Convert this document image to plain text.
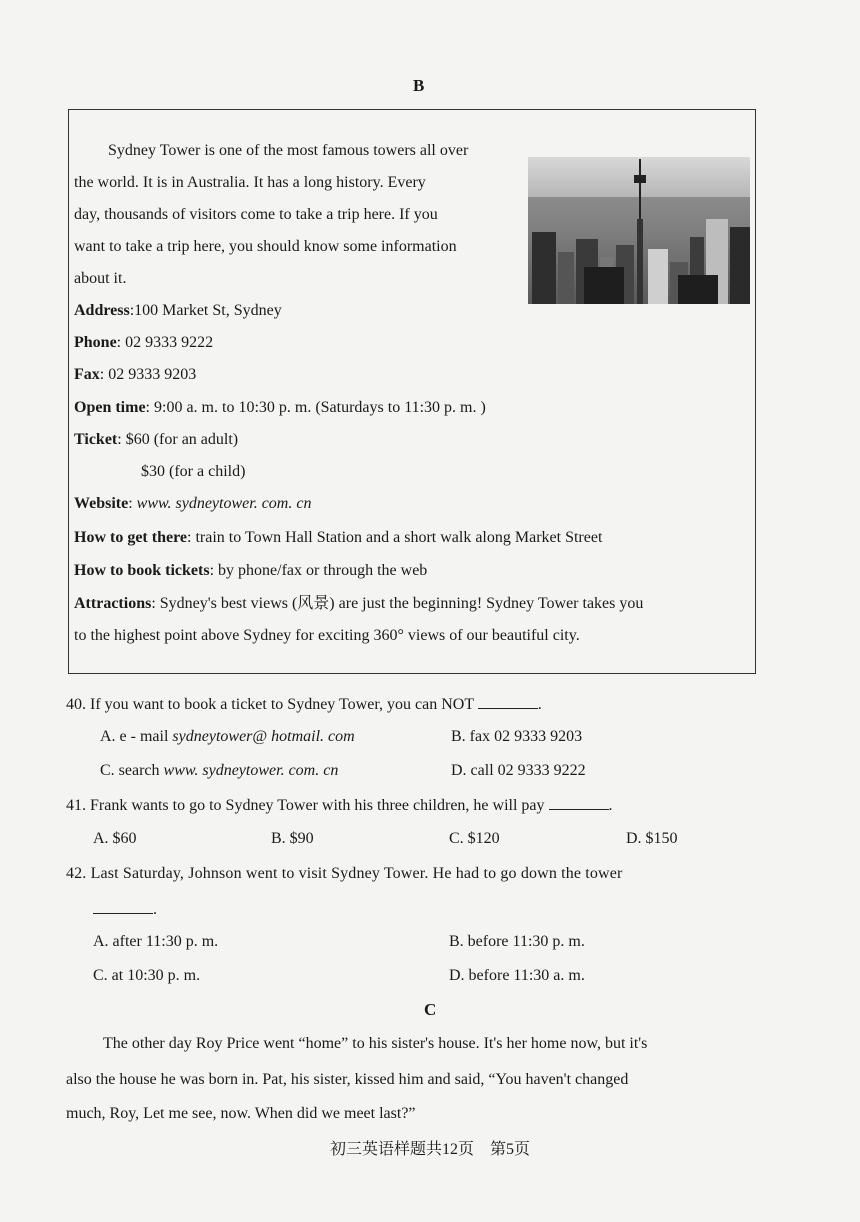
B
Sydney Tower is one of the most famous towers all over
the world. It is in Australia. It has a long history. Every
day, thousands of visitors come to take a trip here. If you
want to take a trip here, you should know some information
about it.
Address:100 Market St, Sydney
Phone: 02 9333 9222
Fax: 02 9333 9203
Open time: 9:00 a. m. to 10:30 p. m. (Saturdays to 11:30 p. m. )
Ticket: $60 (for an adult)
$30 (for a child)
Website: www. sydneytower. com. cn
How to get there: train to Town Hall Station and a short walk along Market Street
How to book tickets: by phone/fax or through the web
Attractions: Sydney's best views (风景) are just the beginning! Sydney Tower takes you
to the highest point above Sydney for exciting 360° views of our beautiful city.
40. If you want to book a ticket to Sydney Tower, you can NOT	.
A. e - mail sydneytower@ hotmail. com	B. fax 02 9333 9203
C. search www. sydneytower. com. cn	D. call 02 9333 9222
41. Frank wants to go to Sydney Tower with his three children, he will pay	.
A. $60	B. $90	C. $120	D. $150
42. Last Saturday, Johnson went to visit Sydney Tower. He had to go down the tower
.
A. after 11:30 p. m.	B. before 11:30 p. m.
C. at 10:30 p. m.	D. before 11:30 a. m.
C
The other day Roy Price went “home” to his sister's house. It's her home now, but it's
also the house he was born in. Pat, his sister, kissed him and said, “You haven't changed
much, Roy, Let me see, now. When did we meet last?”
初三英语样题共12页　第5页
